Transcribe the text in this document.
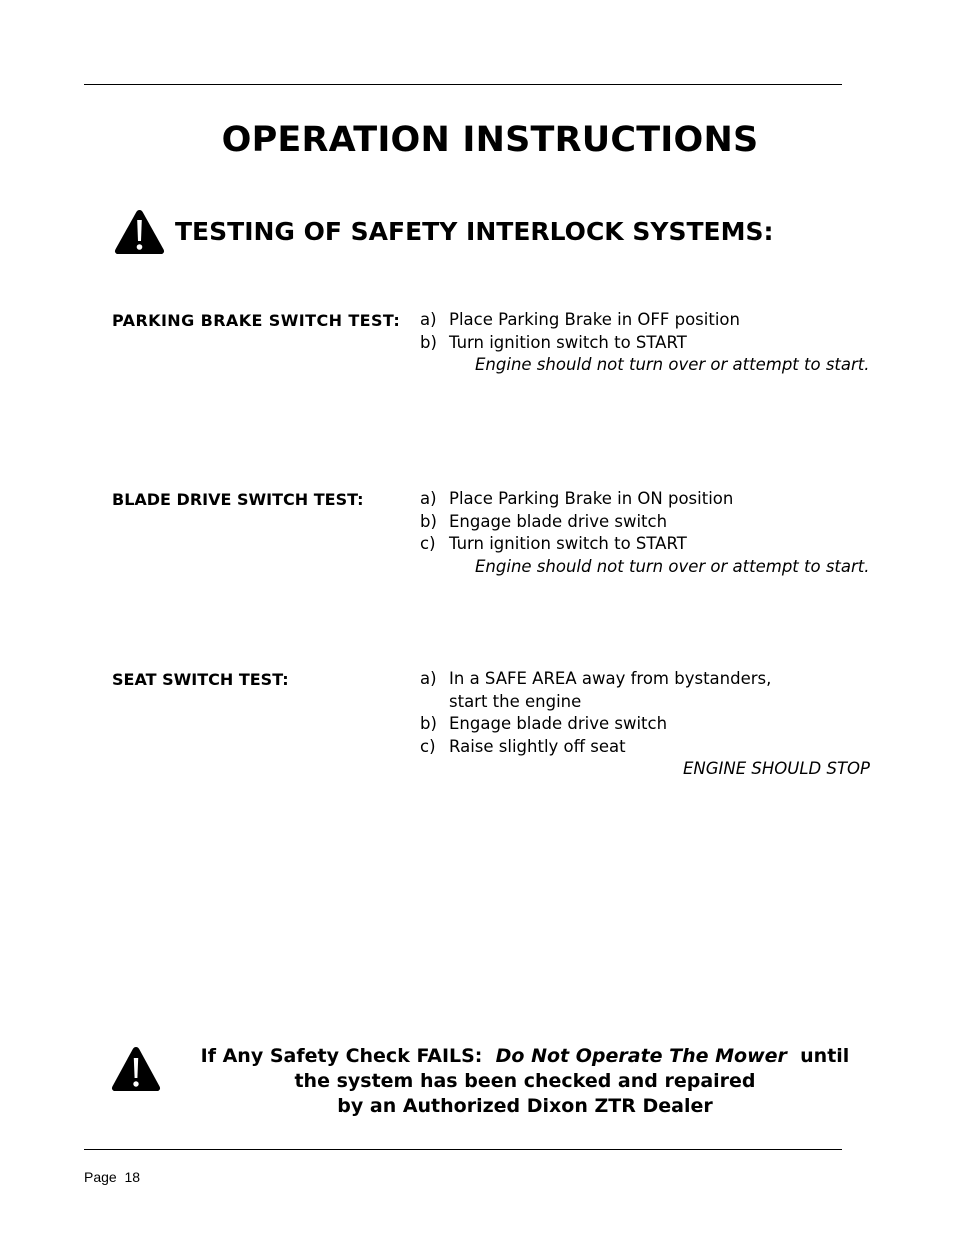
OPERATION INSTRUCTIONS
TESTING OF SAFETY INTERLOCK SYSTEMS:
PARKING BRAKE SWITCH TEST: a) Place Parking Brake in OFF position
b) Turn ignition switch to START
Engine should not turn over or attempt to start.
BLADE DRIVE SWITCH TEST:	a) Place Parking Brake in ON position
b) Engage blade drive switch
c) Turn ignition switch to START
Engine should not turn over or attempt to start.
SEAT SWITCH TEST:	a) In a SAFE AREA away from bystanders,
start the engine
b) Engage blade drive switch
c) Raise slightly off seat
ENGINE SHOULD STOP
If Any Safety Check FAILS: Do Not Operate The Mower until
the system has been checked and repaired
by an Authorized Dixon ZTR Dealer
Page 18
